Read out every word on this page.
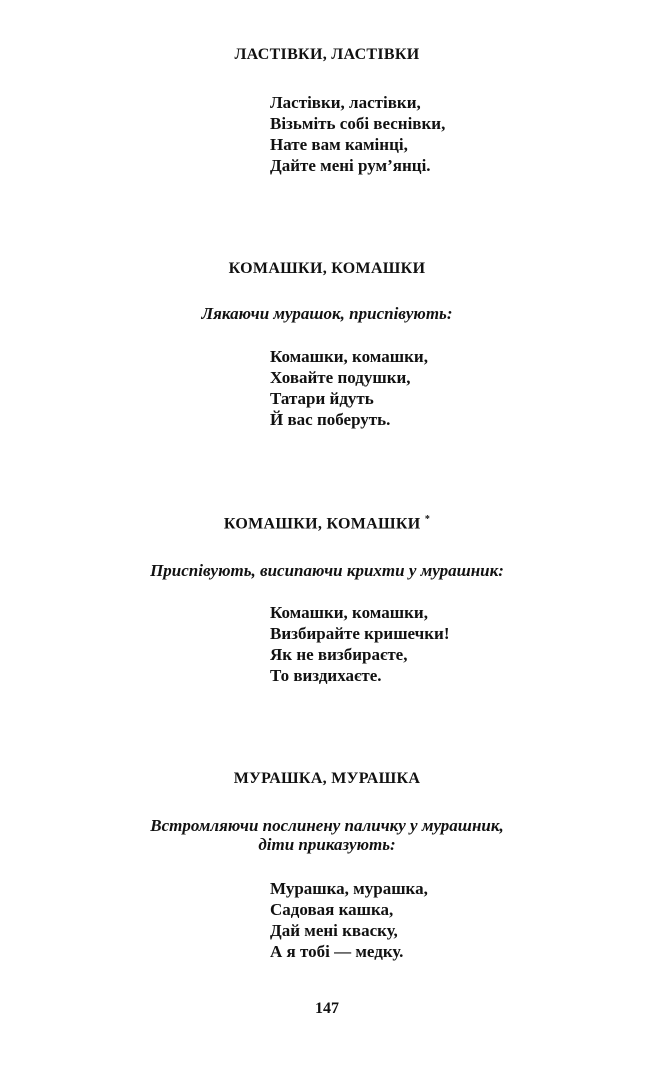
ЛАСТІВКИ, ЛАСТІВКИ
Ластівки, ластівки,
Візьміть собі веснівки,
Нате вам камінці,
Дайте мені рум’янці.
КОМАШКИ, КОМАШКИ

Лякаючи мурашок, приспівують:

Комашки, комашки,
Ховайте подушки,
Татари йдуть
Й вас поберуть.
КОМАШКИ, КОМАШКИ *

Приспівують, висипаючи крихти у мурашник:

Комашки, комашки,
Визбирайте кришечки!
Як не визбираєте,
То виздихаєте.
МУРАШКА, МУРАШКА
Встромляючи послинену паличку у мурашник,
діти приказують:
Мурашка, мурашка,
Садовая кашка,
Дай мені кваску,
А я тобі — медку.
147
